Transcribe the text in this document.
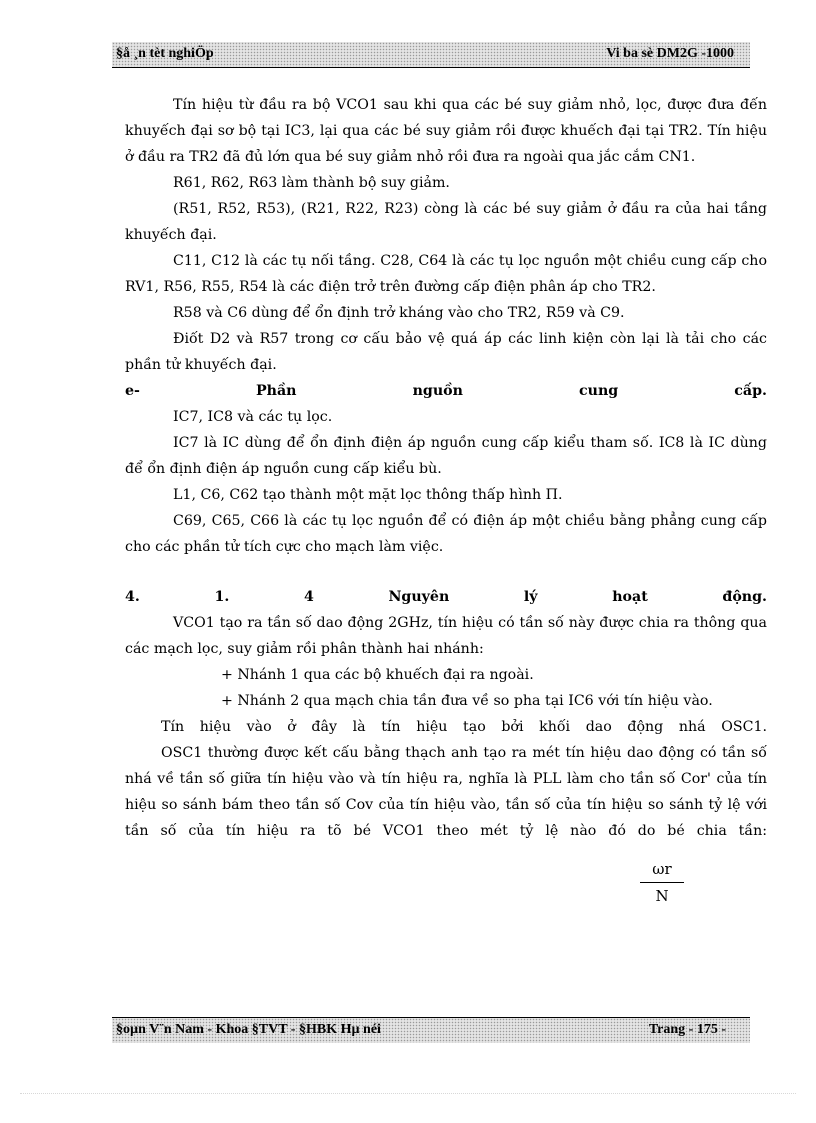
§å ¸n tèt nghiÖp	Vi ba sè DM2G -1000

Tín hiệu từ đầu ra bộ VCO1 sau khi qua các bé suy giảm nhỏ, lọc, được đưa đến khuyếch đại sơ bộ tại IC3, lại qua các bé suy giảm rồi được khuếch đại tại TR2. Tín hiệu ở đầu ra TR2 đã đủ lớn qua bé suy giảm nhỏ rồi đưa ra ngoài qua jắc cắm CN1.

R61, R62, R63 làm thành bộ suy giảm.

(R51, R52, R53), (R21, R22, R23) còng là các bé suy giảm ở đầu ra của hai tầng khuyếch đại.

C11, C12 là các tụ nối tầng. C28, C64 là các tụ lọc nguồn một chiều cung cấp cho RV1, R56, R55, R54 là các điện trở trên đường cấp điện phân áp cho TR2.

R58 và C6 dùng để ổn định trở kháng vào cho TR2, R59 và C9.

Điốt D2 và R57 trong cơ cấu bảo vệ quá áp các linh kiện còn lại là tải cho các phần tử khuyếch đại.

e-	Phần	nguồn	cung	cấp.

IC7, IC8 và các tụ lọc.

IC7 là IC dùng để ổn định điện áp nguồn cung cấp kiểu tham số. IC8 là IC dùng để ổn định điện áp nguồn cung cấp kiểu bù.

L1, C6, C62 tạo thành một mặt lọc thông thấp hình Π.

C69, C65, C66 là các tụ lọc nguồn để có điện áp một chiều bằng phẳng cung cấp cho các phần tử tích cực cho mạch làm việc.

4.	1.	4	Nguyên	lý	hoạt	động.

VCO1 tạo ra tần số dao động 2GHz, tín hiệu có tần số này được chia ra thông qua các mạch lọc, suy giảm rồi phân thành hai nhánh:

+ Nhánh 1 qua các bộ khuếch đại ra ngoài.

+ Nhánh 2 qua mạch chia tần đưa về so pha tại IC6 với tín hiệu vào.

Tín hiệu vào ở đây là tín hiệu tạo bởi khối dao động nhá OSC1.

OSC1 thường được kết cấu bằng thạch anh tạo ra mét tín hiệu dao động có tần số nhá về tần số giữa tín hiệu vào và tín hiệu ra, nghĩa là PLL làm cho tần số Cor' của tín hiệu so sánh bám theo tần số Cov của tín hiệu vào, tần số của tín hiệu so sánh tỷ lệ với tần số của tín hiệu ra tõ bé VCO1 theo mét tỷ lệ nào đó do bé chia tần:

$\frac{\omega r}{N}$
§oµn V¨n Nam - Khoa §TVT - §HBK Hµ néi	Trang - 175 -
